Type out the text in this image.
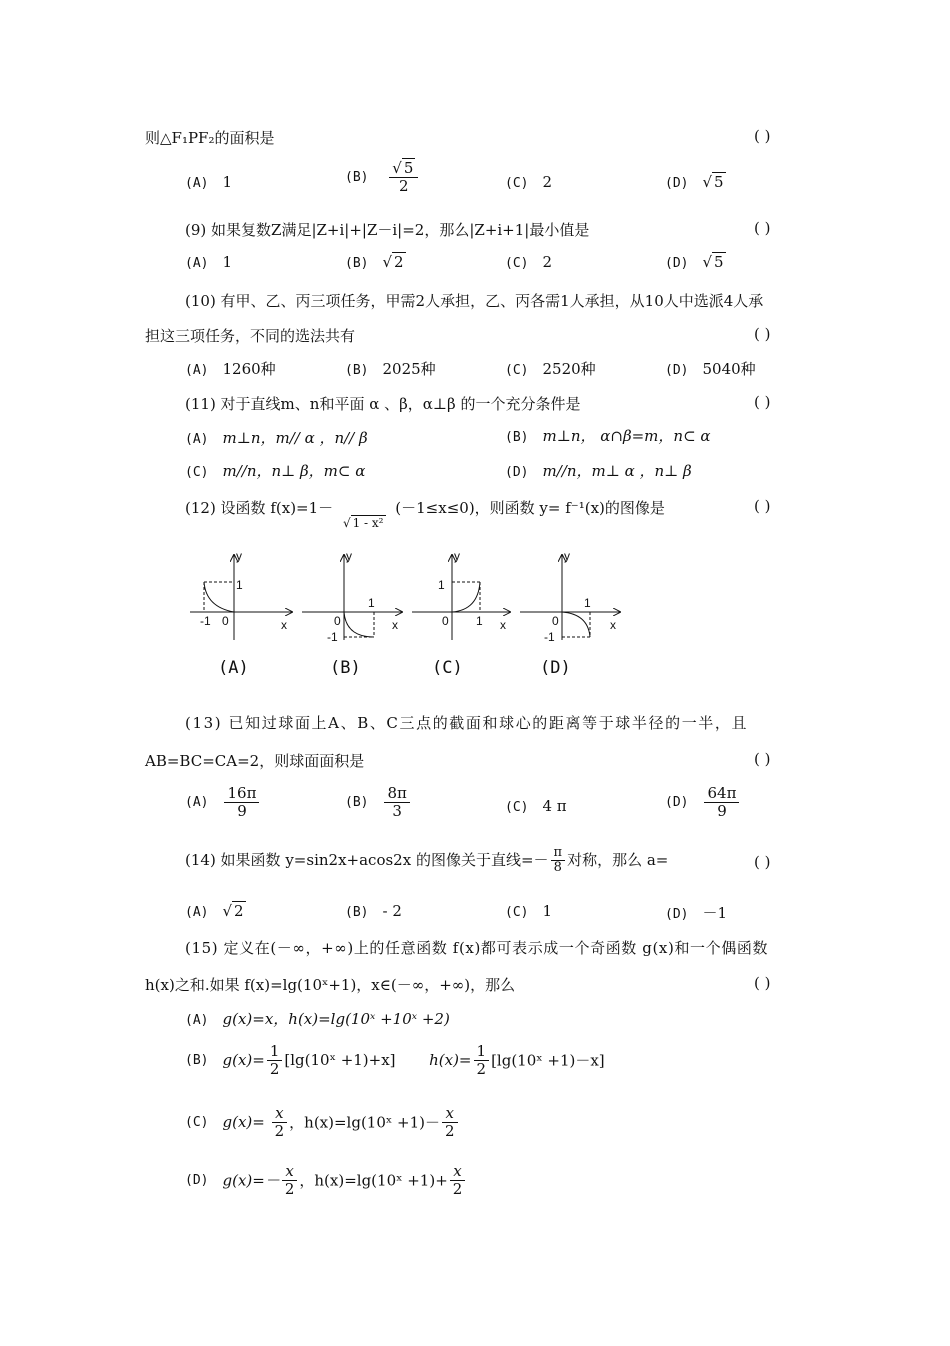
则△F₁PF₂的面积是	( )
(A) 1	$(B) \frac{√ 5}{2}$	(C) 2	(D) √ 5
(9) 如果复数Z满足|Z+i|+|Z－i|=2，那么|Z+i+1|最小值是	( )
(A) 1	(B) √ 2	(C) 2	(D) √ 5
(10) 有甲、乙、丙三项任务，甲需2人承担，乙、丙各需1人承担，从10人中选派4人承
担这三项任务，不同的选法共有	( )
(A) 1260种	(B) 2025种	(C) 2520种	(D) 5040种
(11) 对于直线m、n和平面 α 、β，α⊥β 的一个充分条件是	( )
(A) m⊥n，m// α ，n// β	(B) m⊥n， α∩β=m，n⊂ α
(C) m//n，n⊥ β，m⊂ α	(D) m//n，m⊥ α ，n⊥ β
(12) 设函数 f(x)=1－
√ 1 - x²
(－1≤x≤0)，则函数 y= f⁻¹(x)的图像是	( )
y
1
-1 0	x
y
1
0
-1
x
y
1
0 1 x
y
1
0
-1
x
(A)	(B)	(C)	(D)
(13) 已知过球面上A、B、C三点的截面和球心的距离等于球半径的一半，且
AB=BC=CA=2，则球面面积是	( )
$(A) \frac{16\pi}{9}$	$(B) \frac{8\pi}{3}$	(C) 4 π	$(D) \frac{64\pi}{9}$
(14) 如果函数 y=sin2x+acos2x 的图像关于直线=－ $\frac{\pi}{8}$ 对称，那么 a=	( )
(A) √ 2	(B) - 2	(C) 1	(D) －1
(15) 定义在(－∞，+∞)上的任意函数 f(x)都可表示成一个奇函数 g(x)和一个偶函数
h(x)之和.如果 f(x)=lg(10ˣ+1)，x∈(－∞，+∞)，那么	( )
(A) g(x)=x，h(x)=lg(10ˣ +10ˣ +2)
(B) $g(x)= \frac{1}{2}$ [lg(10ˣ +1)+x] $h(x)= \frac{1}{2}$ [lg(10ˣ +1)－x]
(C) $g(x)= \frac{x}{2}$ ，h(x)=lg(10ˣ $+1)- \frac{x}{2}$
(D) $g(x)=- \frac{x}{2}$ ，h(x)=lg(10ˣ $+1)+ \frac{x}{2}$
